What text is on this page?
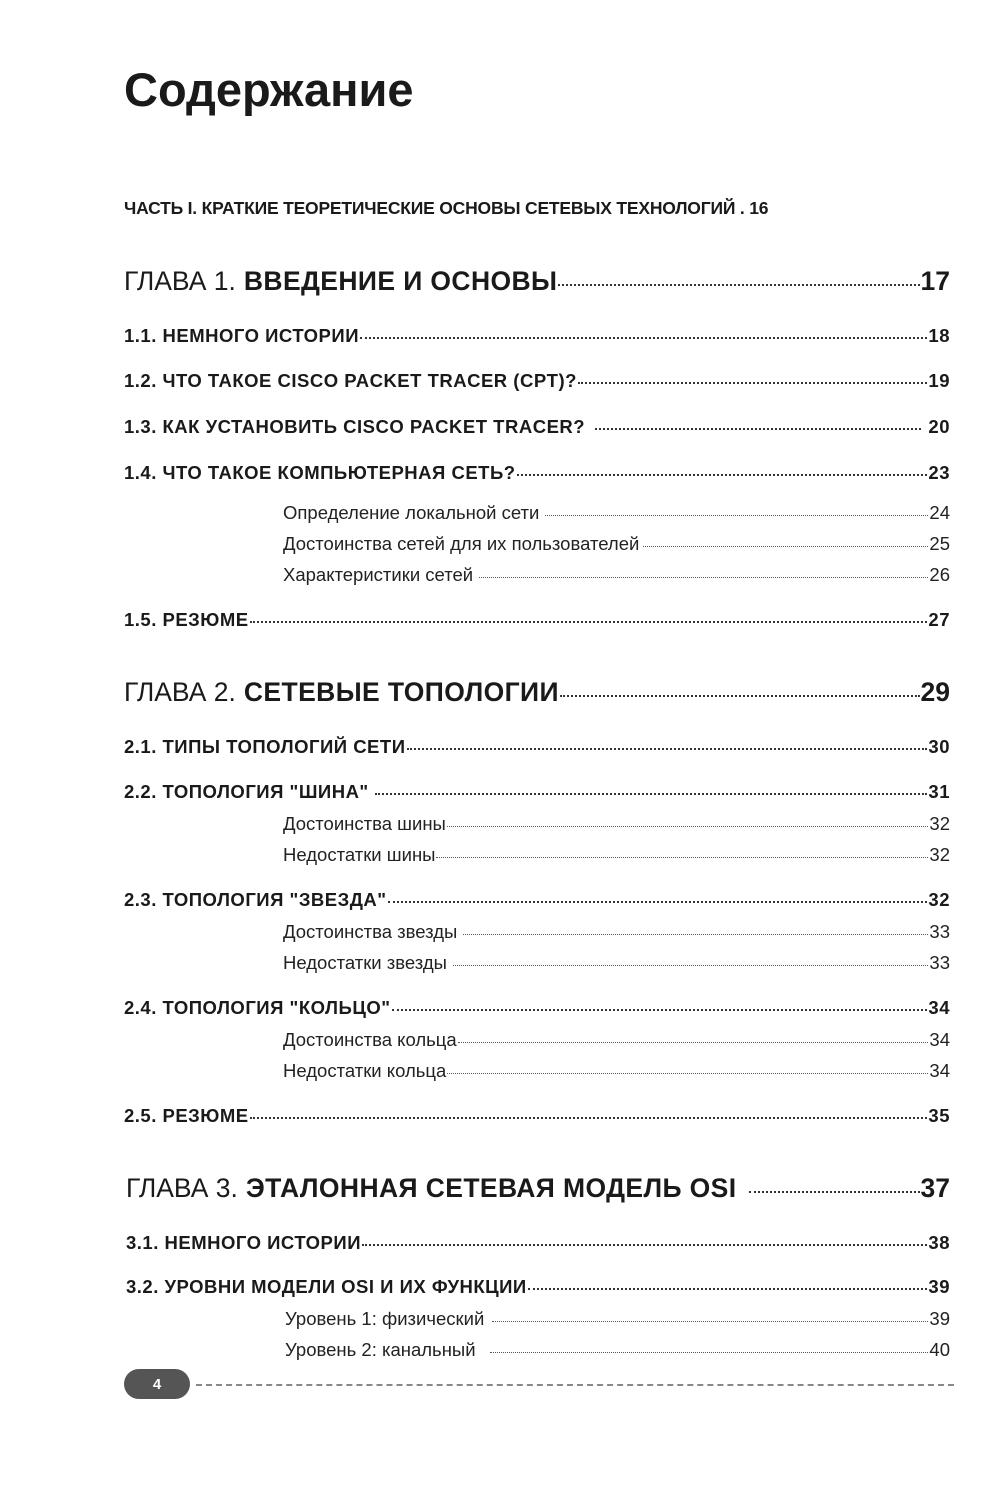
Содержание
ЧАСТЬ I. КРАТКИЕ ТЕОРЕТИЧЕСКИЕ ОСНОВЫ СЕТЕВЫХ ТЕХНОЛОГИЙ . 16
ГЛАВА 1. ВВЕДЕНИЕ И ОСНОВЫ	17
1.1. НЕМНОГО ИСТОРИИ	18
1.2. ЧТО ТАКОЕ CISCO PACKET TRACER (CPT)?	19
1.3. КАК УСТАНОВИТЬ CISCO PACKET TRACER?	20
1.4. ЧТО ТАКОЕ КОМПЬЮТЕРНАЯ СЕТЬ?	23
Определение локальной сети	24
Достоинства сетей для их пользователей	25
Характеристики сетей	26
1.5. РЕЗЮМЕ	27
ГЛАВА 2. СЕТЕВЫЕ ТОПОЛОГИИ	29
2.1. ТИПЫ ТОПОЛОГИЙ СЕТИ	30
2.2. ТОПОЛОГИЯ "ШИНА"	31
Достоинства шины	32
Недостатки шины	32
2.3. ТОПОЛОГИЯ "ЗВЕЗДА"	32
Достоинства звезды	33
Недостатки звезды	33
2.4. ТОПОЛОГИЯ "КОЛЬЦО"	34
Достоинства кольца	34
Недостатки кольца	34
2.5. РЕЗЮМЕ	35
ГЛАВА 3. ЭТАЛОННАЯ СЕТЕВАЯ МОДЕЛЬ OSI	37
3.1. НЕМНОГО ИСТОРИИ	38
3.2. УРОВНИ МОДЕЛИ OSI И ИХ ФУНКЦИИ	39
Уровень 1: физический	39
Уровень 2: канальный	40
4
